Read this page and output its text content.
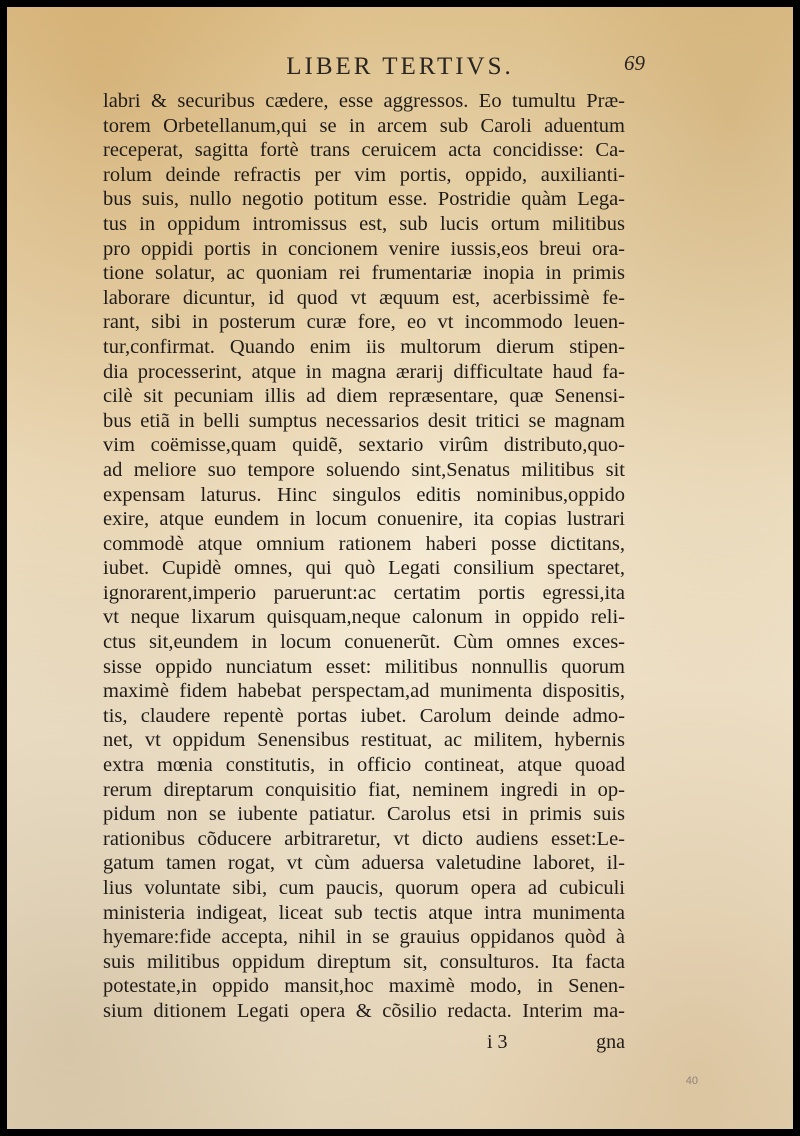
LIBER TERTIVS.	69
labri & securibus cædere, esse aggressos. Eo tumultu Præ-
torem Orbetellanum,qui se in arcem sub Caroli aduentum
receperat, sagitta fortè trans ceruicem acta concidisse: Ca-
rolum deinde refractis per vim portis, oppido, auxilianti-
bus suis, nullo negotio potitum esse. Postridie quàm Lega-
tus in oppidum intromissus est, sub lucis ortum militibus
pro oppidi portis in concionem venire iussis,eos breui ora-
tione solatur, ac quoniam rei frumentariæ inopia in primis
laborare dicuntur, id quod vt æquum est, acerbissimè fe-
rant, sibi in posterum curæ fore, eo vt incommodo leuen-
tur,confirmat. Quando enim iis multorum dierum stipen-
dia processerint, atque in magna ærarij difficultate haud fa-
cilè sit pecuniam illis ad diem repræsentare, quæ Senensi-
bus etiã in belli sumptus necessarios desit tritici se magnam
vim coëmisse,quam quidẽ, sextario virûm distributo,quo-
ad meliore suo tempore soluendo sint,Senatus militibus sit
expensam laturus. Hinc singulos editis nominibus,oppido
exire, atque eundem in locum conuenire, ita copias lustrari
commodè atque omnium rationem haberi posse dictitans,
iubet. Cupidè omnes, qui quò Legati consilium spectaret,
ignorarent,imperio paruerunt:ac certatim portis egressi,ita
vt neque lixarum quisquam,neque calonum in oppido reli-
ctus sit,eundem in locum conuenerũt. Cùm omnes exces-
sisse oppido nunciatum esset: militibus nonnullis quorum
maximè fidem habebat perspectam,ad munimenta dispositis,
tis, claudere repentè portas iubet. Carolum deinde admo-
net, vt oppidum Senensibus restituat, ac militem, hybernis
extra mœnia constitutis, in officio contineat, atque quoad
rerum direptarum conquisitio fiat, neminem ingredi in op-
pidum non se iubente patiatur. Carolus etsi in primis suis
rationibus cõducere arbitraretur, vt dicto audiens esset:Le-
gatum tamen rogat, vt cùm aduersa valetudine laboret, il-
lius voluntate sibi, cum paucis, quorum opera ad cubiculi
ministeria indigeat, liceat sub tectis atque intra munimenta
hyemare:fide accepta, nihil in se grauius oppidanos quòd à
suis militibus oppidum direptum sit, consulturos. Ita facta
potestate,in oppido mansit,hoc maximè modo, in Senen-
sium ditionem Legati opera & cõsilio redacta. Interim ma-
i 3	gna
40
